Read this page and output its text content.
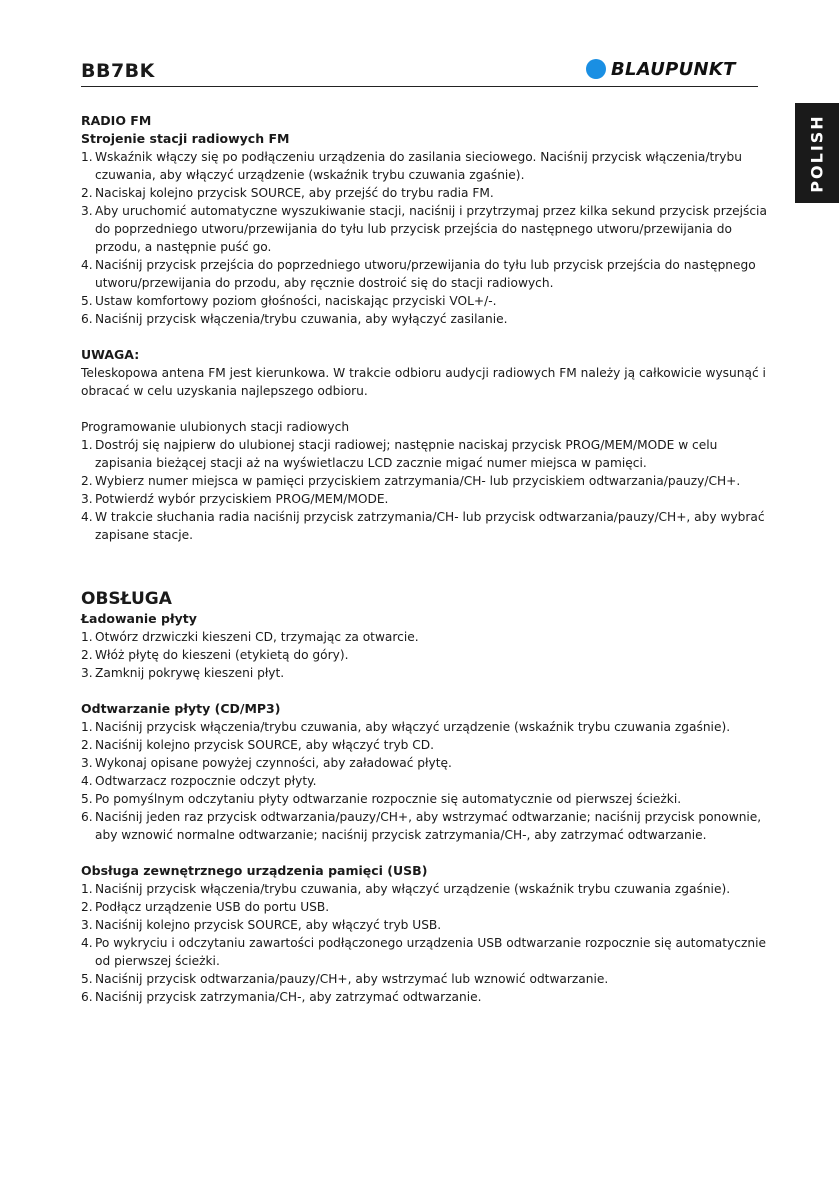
BB7BK	BLAUPUNKT
POLISH

RADIO FM

Strojenie stacji radiowych FM

1. Wskaźnik włączy się po podłączeniu urządzenia do zasilania sieciowego. Naciśnij przycisk włączenia/trybu czuwania, aby włączyć urządzenie (wskaźnik trybu czuwania zgaśnie).
2. Naciskaj kolejno przycisk SOURCE, aby przejść do trybu radia FM.
3. Aby uruchomić automatyczne wyszukiwanie stacji, naciśnij i przytrzymaj przez kilka sekund przycisk przejścia do poprzedniego utworu/przewijania do tyłu lub przycisk przejścia do następnego utworu/przewijania do przodu, a następnie puść go.
4. Naciśnij przycisk przejścia do poprzedniego utworu/przewijania do tyłu lub przycisk przejścia do następnego utworu/przewijania do przodu, aby ręcznie dostroić się do stacji radiowych.
5. Ustaw komfortowy poziom głośności, naciskając przyciski VOL+/-.
6. Naciśnij przycisk włączenia/trybu czuwania, aby wyłączyć zasilanie.

UWAGA:

Teleskopowa antena FM jest kierunkowa. W trakcie odbioru audycji radiowych FM należy ją całkowicie wysunąć i obracać w celu uzyskania najlepszego odbioru.

Programowanie ulubionych stacji radiowych

1. Dostrój się najpierw do ulubionej stacji radiowej; następnie naciskaj przycisk PROG/MEM/MODE w celu zapisania bieżącej stacji aż na wyświetlaczu LCD zacznie migać numer miejsca w pamięci.
2. Wybierz numer miejsca w pamięci przyciskiem zatrzymania/CH- lub przyciskiem odtwarzania/pauzy/CH+.
3. Potwierdź wybór przyciskiem PROG/MEM/MODE.
4. W trakcie słuchania radia naciśnij przycisk zatrzymania/CH- lub przycisk odtwarzania/pauzy/CH+, aby wybrać zapisane stacje.

OBSŁUGA

Ładowanie płyty

1. Otwórz drzwiczki kieszeni CD, trzymając za otwarcie.
2. Włóż płytę do kieszeni (etykietą do góry).
3. Zamknij pokrywę kieszeni płyt.

Odtwarzanie płyty (CD/MP3)

1. Naciśnij przycisk włączenia/trybu czuwania, aby włączyć urządzenie (wskaźnik trybu czuwania zgaśnie).
2. Naciśnij kolejno przycisk SOURCE, aby włączyć tryb CD.
3. Wykonaj opisane powyżej czynności, aby załadować płytę.
4. Odtwarzacz rozpocznie odczyt płyty.
5. Po pomyślnym odczytaniu płyty odtwarzanie rozpocznie się automatycznie od pierwszej ścieżki.
6. Naciśnij jeden raz przycisk odtwarzania/pauzy/CH+, aby wstrzymać odtwarzanie; naciśnij przycisk ponownie, aby wznowić normalne odtwarzanie; naciśnij przycisk zatrzymania/CH-, aby zatrzymać odtwarzanie.

Obsługa zewnętrznego urządzenia pamięci (USB)

1. Naciśnij przycisk włączenia/trybu czuwania, aby włączyć urządzenie (wskaźnik trybu czuwania zgaśnie).
2. Podłącz urządzenie USB do portu USB.
3. Naciśnij kolejno przycisk SOURCE, aby włączyć tryb USB.
4. Po wykryciu i odczytaniu zawartości podłączonego urządzenia USB odtwarzanie rozpocznie się automatycznie od pierwszej ścieżki.
5. Naciśnij przycisk odtwarzania/pauzy/CH+, aby wstrzymać lub wznowić odtwarzanie.
6. Naciśnij przycisk zatrzymania/CH-, aby zatrzymać odtwarzanie.
